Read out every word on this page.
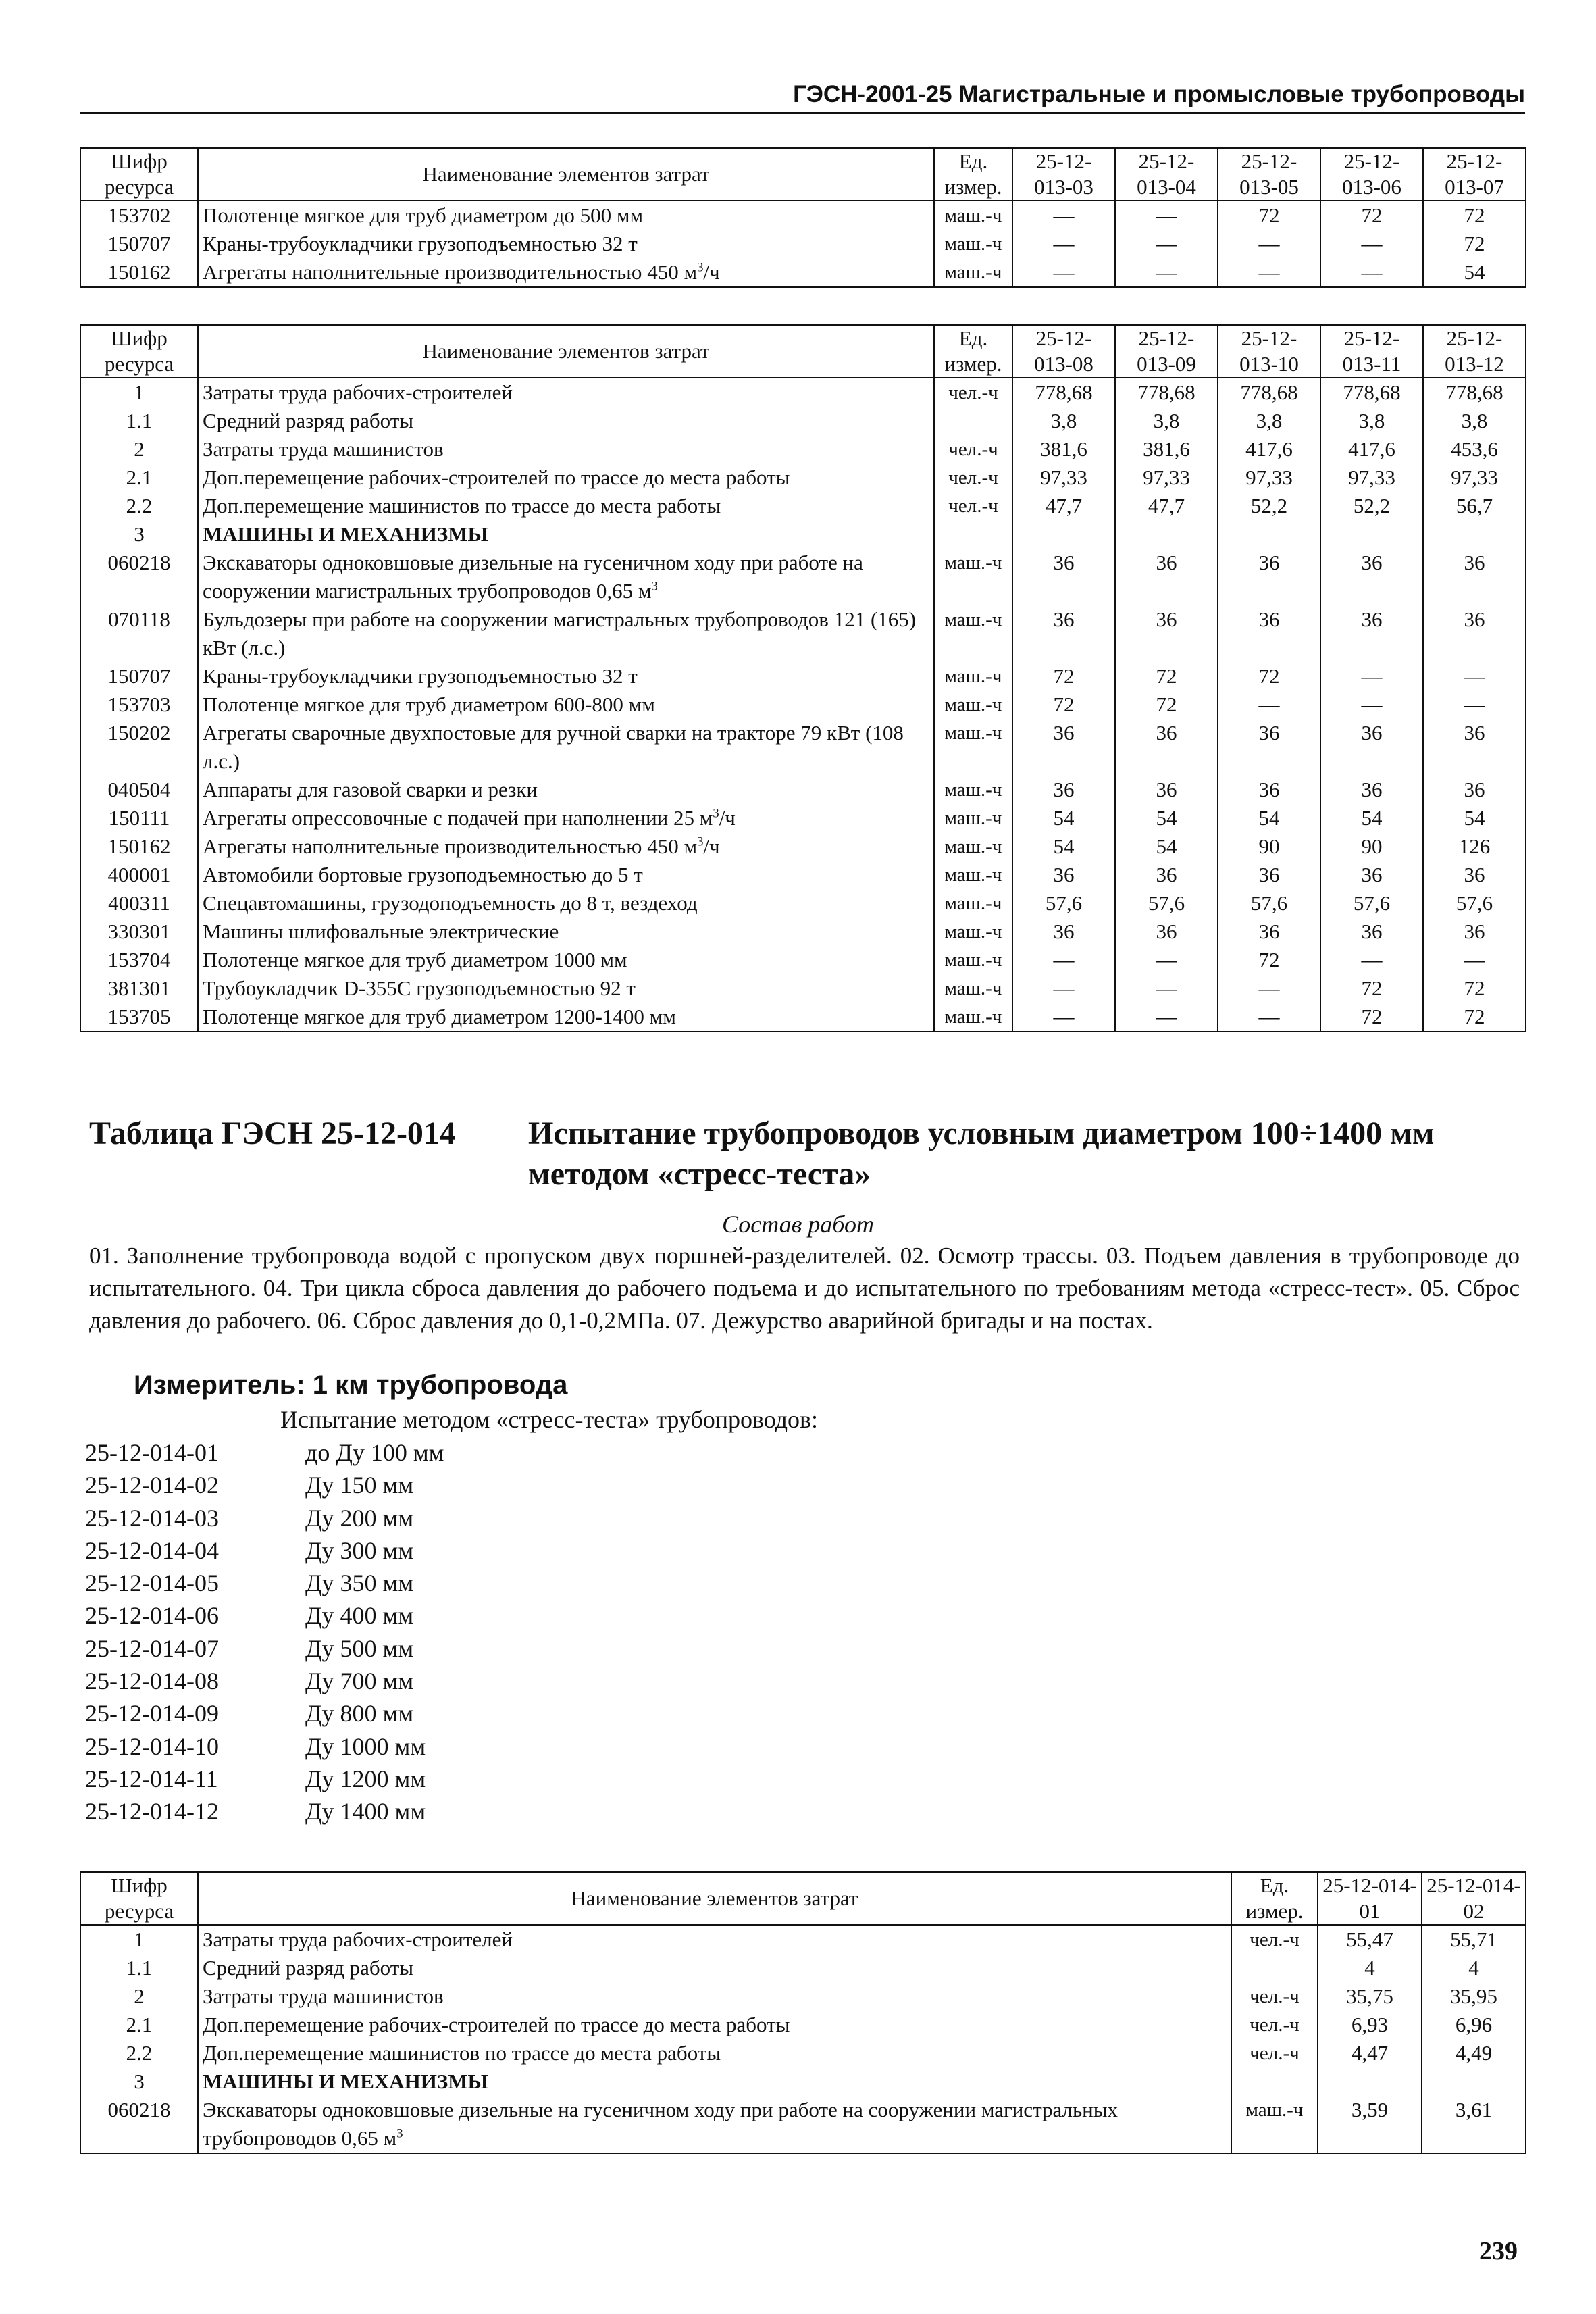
ГЭСН-2001-25 Магистральные и промысловые трубопроводы
Шифр ресурса	Наименование элементов затрат	Ед. измер.	25-12-013-03	25-12-013-04	25-12-013-05	25-12-013-06	25-12-013-07
153702	Полотенце мягкое для труб диаметром до 500 мм	маш.-ч	—	—	72	72	72
150707	Краны-трубоукладчики грузоподъемностью 32 т	маш.-ч	—	—	—	—	72
150162	Агрегаты наполнительные производительностью 450 $м^3/ч$	маш.-ч	—	—	—	—	54
Шифр ресурса	Наименование элементов затрат	Ед. измер.	25-12-013-08	25-12-013-09	25-12-013-10	25-12-013-11	25-12-013-12
1	Затраты труда рабочих-строителей	чел.-ч	778,68	778,68	778,68	778,68	778,68
1.1	Средний разряд работы		3,8	3,8	3,8	3,8	3,8
2	Затраты труда машинистов	чел.-ч	381,6	381,6	417,6	417,6	453,6
2.1	Доп.перемещение рабочих-строителей по трассе до места работы	чел.-ч	97,33	97,33	97,33	97,33	97,33
2.2	Доп.перемещение машинистов по трассе до места работы	чел.-ч	47,7	47,7	52,2	52,2	56,7
3	МАШИНЫ И МЕХАНИЗМЫ						
060218	Экскаваторы одноковшовые дизельные на гусеничном ходу при работе на сооружении магистральных трубопроводов 0,65 $м^3$	маш.-ч	36	36	36	36	36
070118	Бульдозеры при работе на сооружении магистральных трубопроводов 121 (165) кВт (л.с.)	маш.-ч	36	36	36	36	36
150707	Краны-трубоукладчики грузоподъемностью 32 т	маш.-ч	72	72	72	—	—
153703	Полотенце мягкое для труб диаметром 600-800 мм	маш.-ч	72	72	—	—	—
150202	Агрегаты сварочные двухпостовые для ручной сварки на тракторе 79 кВт (108 л.с.)	маш.-ч	36	36	36	36	36
040504	Аппараты для газовой сварки и резки	маш.-ч	36	36	36	36	36
150111	Агрегаты опрессовочные с подачей при наполнении 25 $м^3/ч$	маш.-ч	54	54	54	54	54
150162	Агрегаты наполнительные производительностью 450 $м^3/ч$	маш.-ч	54	54	90	90	126
400001	Автомобили бортовые грузоподъемностью до 5 т	маш.-ч	36	36	36	36	36
400311	Спецавтомашины, грузодоподъемность до 8 т, вездеход	маш.-ч	57,6	57,6	57,6	57,6	57,6
330301	Машины шлифовальные электрические	маш.-ч	36	36	36	36	36
153704	Полотенце мягкое для труб диаметром 1000 мм	маш.-ч	—	—	72	—	—
381301	Трубоукладчик D-355С грузоподъемностью 92 т	маш.-ч	—	—	—	72	72
153705	Полотенце мягкое для труб диаметром 1200-1400 мм	маш.-ч	—	—	—	72	72
Таблица ГЭСН 25-12-014 Испытание трубопроводов условным диаметром 100÷1400 мм методом «стресс-теста»
Состав работ
01. Заполнение трубопровода водой с пропуском двух поршней-разделителей. 02. Осмотр трассы. 03. Подъем давления в трубопроводе до испытательного. 04. Три цикла сброса давления до рабочего подъема и до испытательного по требованиям метода «стресс-тест». 05. Сброс давления до рабочего. 06. Сброс давления до 0,1-0,2МПа. 07. Дежурство аварийной бригады и на постах.
Измеритель: 1 км трубопровода
Испытание методом «стресс-теста» трубопроводов:
25-12-014-01	до Ду 100 мм
25-12-014-02	Ду 150 мм
25-12-014-03	Ду 200 мм
25-12-014-04	Ду 300 мм
25-12-014-05	Ду 350 мм
25-12-014-06	Ду 400 мм
25-12-014-07	Ду 500 мм
25-12-014-08	Ду 700 мм
25-12-014-09	Ду 800 мм
25-12-014-10	Ду 1000 мм
25-12-014-11	Ду 1200 мм
25-12-014-12	Ду 1400 мм
Шифр ресурса	Наименование элементов затрат	Ед. измер.	25-12-014-01	25-12-014-02
1	Затраты труда рабочих-строителей	чел.-ч	55,47	55,71
1.1	Средний разряд работы		4	4
2	Затраты труда машинистов	чел.-ч	35,75	35,95
2.1	Доп.перемещение рабочих-строителей по трассе до места работы	чел.-ч	6,93	6,96
2.2	Доп.перемещение машинистов по трассе до места работы	чел.-ч	4,47	4,49
3	МАШИНЫ И МЕХАНИЗМЫ			
060218	Экскаваторы одноковшовые дизельные на гусеничном ходу при работе на сооружении магистральных трубопроводов 0,65 $м^3$	маш.-ч	3,59	3,61
239
